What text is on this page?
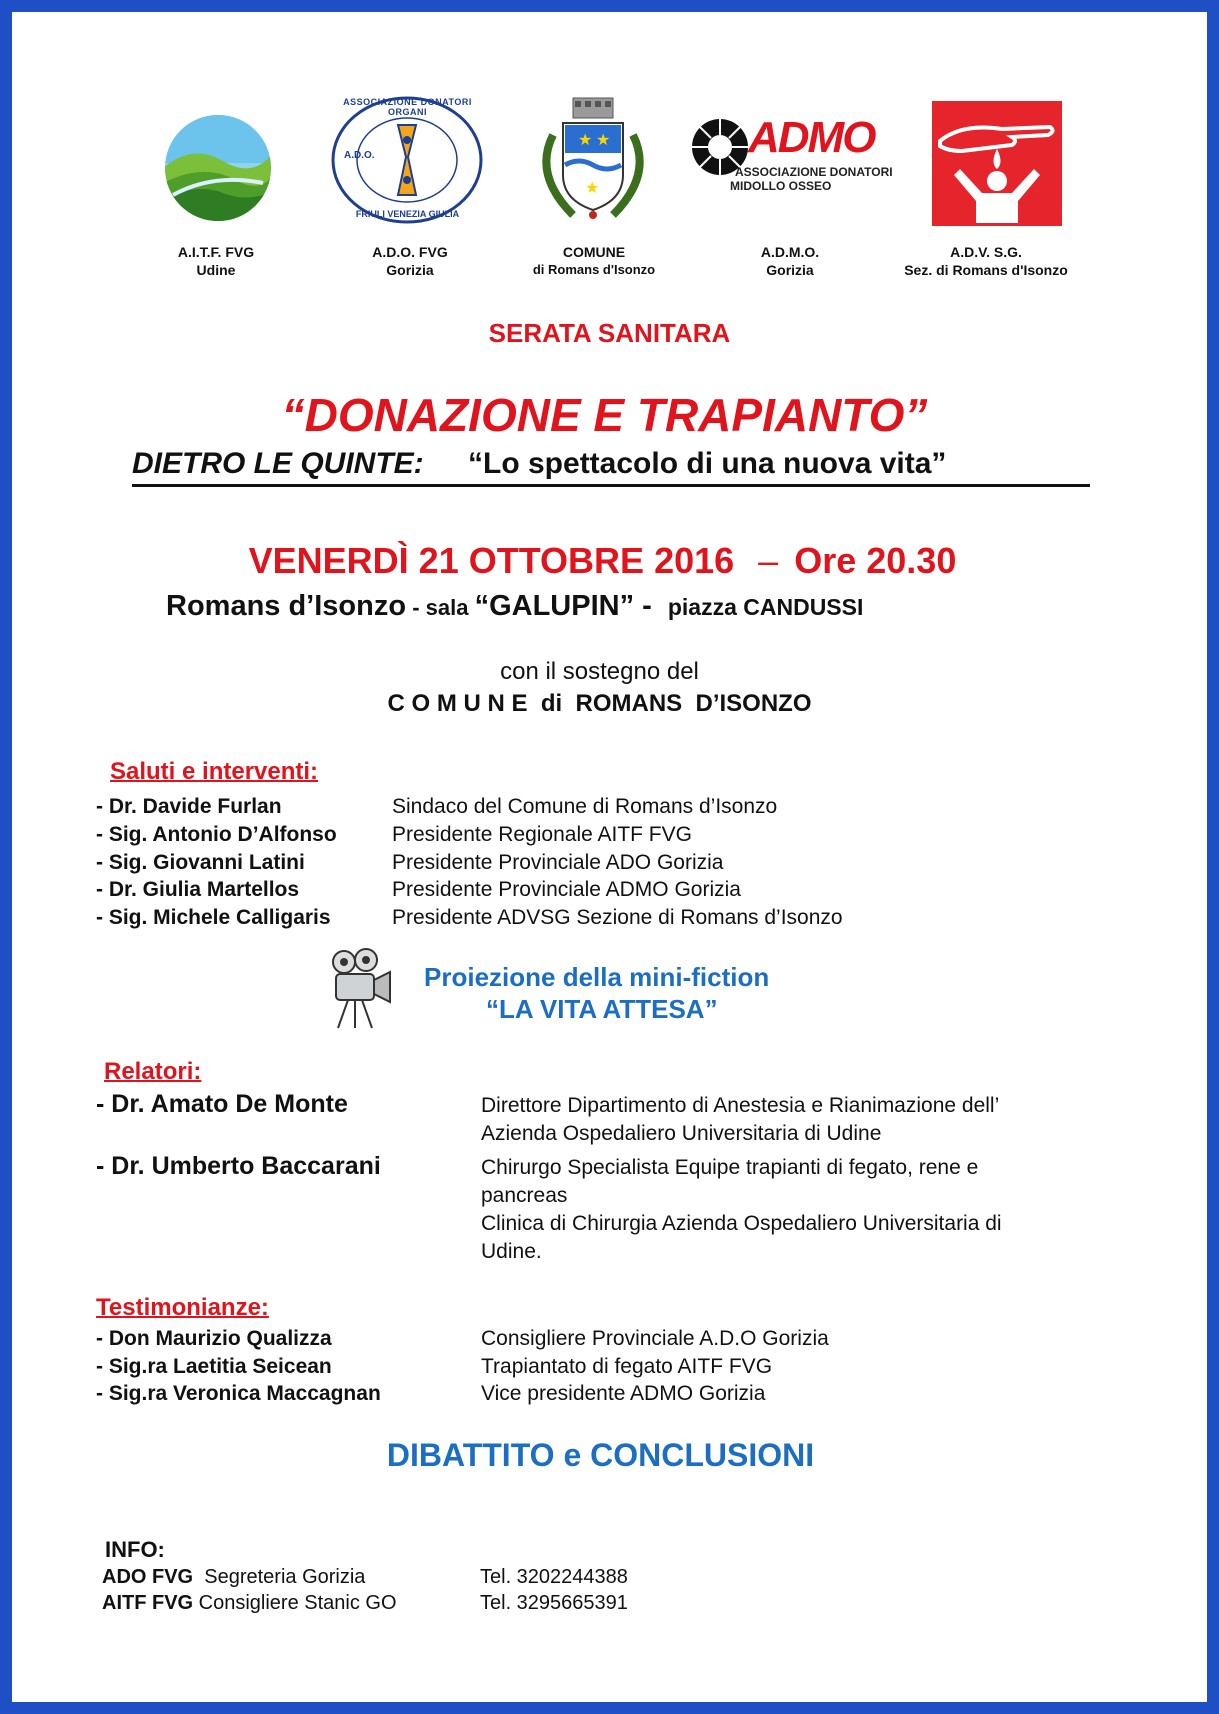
ASSOCIAZIONE DONATORI ORGANI
A.D.O.
FRIULI VENEZIA GIULIA
★ ★
★
ADMO
ASSOCIAZIONE DONATORI
MIDOLLO OSSEO
A.I.T.F. FVG
Udine
A.D.O. FVG
Gorizia
COMUNE
di Romans d'Isonzo
A.D.M.O.
Gorizia
A.D.V. S.G.
Sez. di Romans d'Isonzo
SERATA SANITARA
“DONAZIONE E TRAPIANTO”
DIETRO LE QUINTE: “Lo spettacolo di una nuova vita”
VENERDÌ 21 OTTOBRE 2016 – Ore 20.30
Romans d’Isonzo - sala “GALUPIN” - piazza CANDUSSI
con il sostegno del
C O M U N E  di  ROMANS  D’ISONZO
Saluti e interventi:
- Dr. Davide Furlan	Sindaco del Comune di Romans d’Isonzo
- Sig. Antonio D’Alfonso	Presidente Regionale AITF FVG
- Sig. Giovanni Latini	Presidente Provinciale ADO Gorizia
- Dr. Giulia Martellos	Presidente Provinciale ADMO Gorizia
- Sig. Michele Calligaris	Presidente ADVSG Sezione di Romans d’Isonzo
Proiezione della mini-fiction
“LA VITA ATTESA”
Relatori:
- Dr. Amato De Monte	Direttore Dipartimento di Anestesia e Rianimazione dell’
Azienda Ospedaliero Universitaria di Udine
- Dr. Umberto Baccarani	Chirurgo Specialista Equipe trapianti di fegato, rene e
pancreas
Clinica di Chirurgia Azienda Ospedaliero Universitaria di
Udine.
Testimonianze:
- Don Maurizio Qualizza	Consigliere Provinciale A.D.O Gorizia
- Sig.ra Laetitia Seicean	Trapiantato di fegato AITF FVG
- Sig.ra Veronica Maccagnan	Vice presidente ADMO Gorizia
DIBATTITO e CONCLUSIONI
INFO:
ADO FVG  Segreteria Gorizia	Tel. 3202244388
AITF FVG Consigliere Stanic GO	Tel. 3295665391
